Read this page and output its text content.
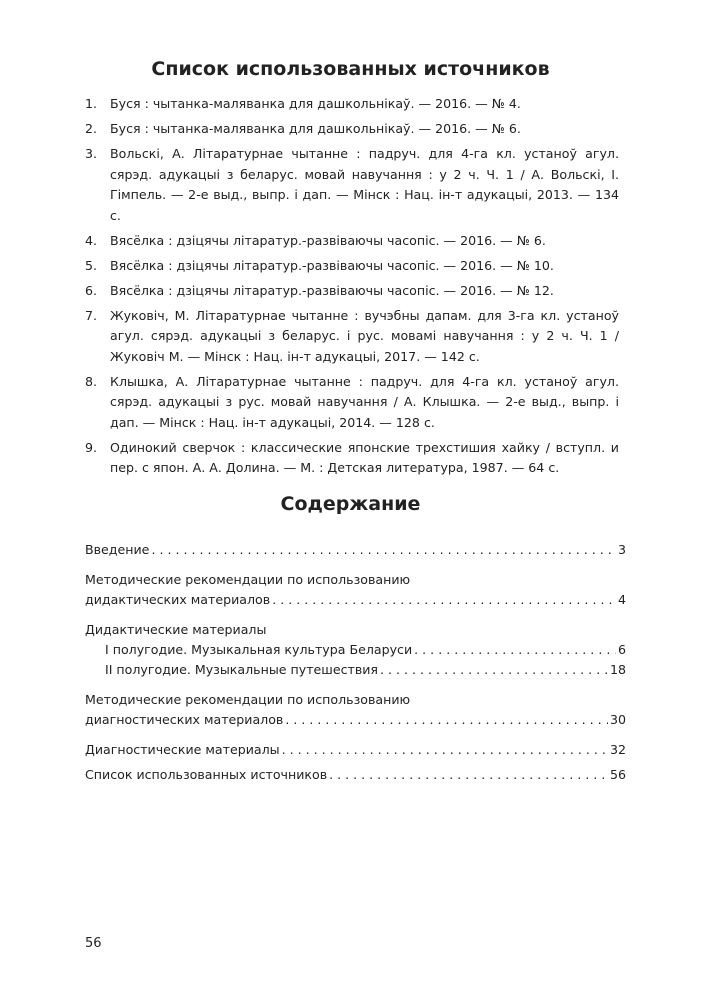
Список использованных источников
1.	Буся : чытанка-маляванка для дашкольнікаў. — 2016. — № 4.
2.	Буся : чытанка-маляванка для дашкольнікаў. — 2016. — № 6.
3.	Вольскі, А. Літаратурнае чытанне : падруч. для 4-га кл. устаноў агул. сярэд. адукацыі з беларус. мовай навучання : у 2 ч. Ч. 1 / А. Вольскі, І. Гімпель. — 2-е выд., выпр. і дап. — Мінск : Нац. ін-т адукацыі, 2013. — 134 с.
4.	Вясёлка : дзіцячы літаратур.-развіваючы часопіс. — 2016. — № 6.
5.	Вясёлка : дзіцячы літаратур.-развіваючы часопіс. — 2016. — № 10.
6.	Вясёлка : дзіцячы літаратур.-развіваючы часопіс. — 2016. — № 12.
7.	Жуковіч, М. Літаратурнае чытанне : вучэбны дапам. для 3-га кл. устаноў агул. сярэд. адукацыі з беларус. і рус. мовамі навучання : у 2 ч. Ч. 1 / Жуковіч М. — Мінск : Нац. ін-т адукацыі, 2017. — 142 с.
8.	Клышка, А. Літаратурнае чытанне : падруч. для 4-га кл. устаноў агул. сярэд. адукацыі з рус. мовай навучання / А. Клышка. — 2-е выд., выпр. і дап. — Мінск : Нац. ін-т адукацыі, 2014. — 128 с.
9.	Одинокий сверчок : классические японские трехстишия хайку / вступл. и пер. с япон. А. А. Долина. — М. : Детская литература, 1987. — 64 с.
Содержание
Введение . . .	3
Методические рекомендации по использованию
дидактических материалов . . .	4
Дидактические материалы
I полугодие. Музыкальная культура Беларуси . . .	6
II полугодие. Музыкальные путешествия . . .	18
Методические рекомендации по использованию
диагностических материалов . . .	30
Диагностические материалы . . .	32
Список использованных источников . . .	56
56
